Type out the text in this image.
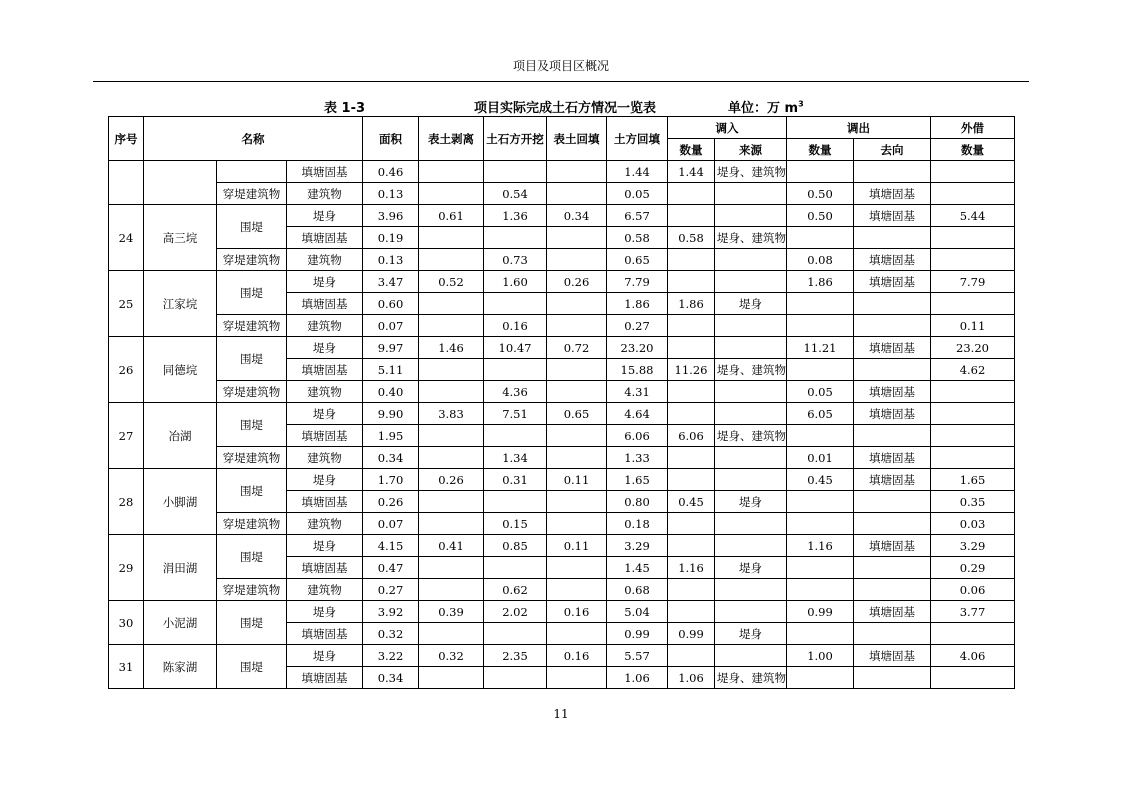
项目及项目区概况
表 1-3	项目实际完成土石方情况一览表	单位：万 $m^3$
序号	名称			面积	表土剥离	土石方开挖	表土回填	土方回填	调入		调出		外借
									数量	来源	数量	去向	数量
			填塘固基	0.46				1.44	1.44	堤身、建筑物			
		穿堤建筑物	建筑物	0.13		0.54		0.05			0.50	填塘固基	
24	高三垸	围堤	堤身	3.96	0.61	1.36	0.34	6.57			0.50	填塘固基	5.44
			填塘固基	0.19				0.58	0.58	堤身、建筑物			
		穿堤建筑物	建筑物	0.13		0.73		0.65			0.08	填塘固基	
25	江家垸	围堤	堤身	3.47	0.52	1.60	0.26	7.79			1.86	填塘固基	7.79
			填塘固基	0.60				1.86	1.86	堤身			
		穿堤建筑物	建筑物	0.07		0.16		0.27					0.11
26	同德垸	围堤	堤身	9.97	1.46	10.47	0.72	23.20			11.21	填塘固基	23.20
			填塘固基	5.11				15.88	11.26	堤身、建筑物			4.62
		穿堤建筑物	建筑物	0.40		4.36		4.31			0.05	填塘固基	
27	冶湖	围堤	堤身	9.90	3.83	7.51	0.65	4.64			6.05	填塘固基	
			填塘固基	1.95				6.06	6.06	堤身、建筑物			
		穿堤建筑物	建筑物	0.34		1.34		1.33			0.01	填塘固基	
28	小脚湖	围堤	堤身	1.70	0.26	0.31	0.11	1.65			0.45	填塘固基	1.65
			填塘固基	0.26				0.80	0.45	堤身			0.35
		穿堤建筑物	建筑物	0.07		0.15		0.18					0.03
29	涓田湖	围堤	堤身	4.15	0.41	0.85	0.11	3.29			1.16	填塘固基	3.29
			填塘固基	0.47				1.45	1.16	堤身			0.29
		穿堤建筑物	建筑物	0.27		0.62		0.68					0.06
30	小泥湖	围堤	堤身	3.92	0.39	2.02	0.16	5.04			0.99	填塘固基	3.77
			填塘固基	0.32				0.99	0.99	堤身			
31	陈家湖	围堤	堤身	3.22	0.32	2.35	0.16	5.57			1.00	填塘固基	4.06
			填塘固基	0.34				1.06	1.06	堤身、建筑物			
11
